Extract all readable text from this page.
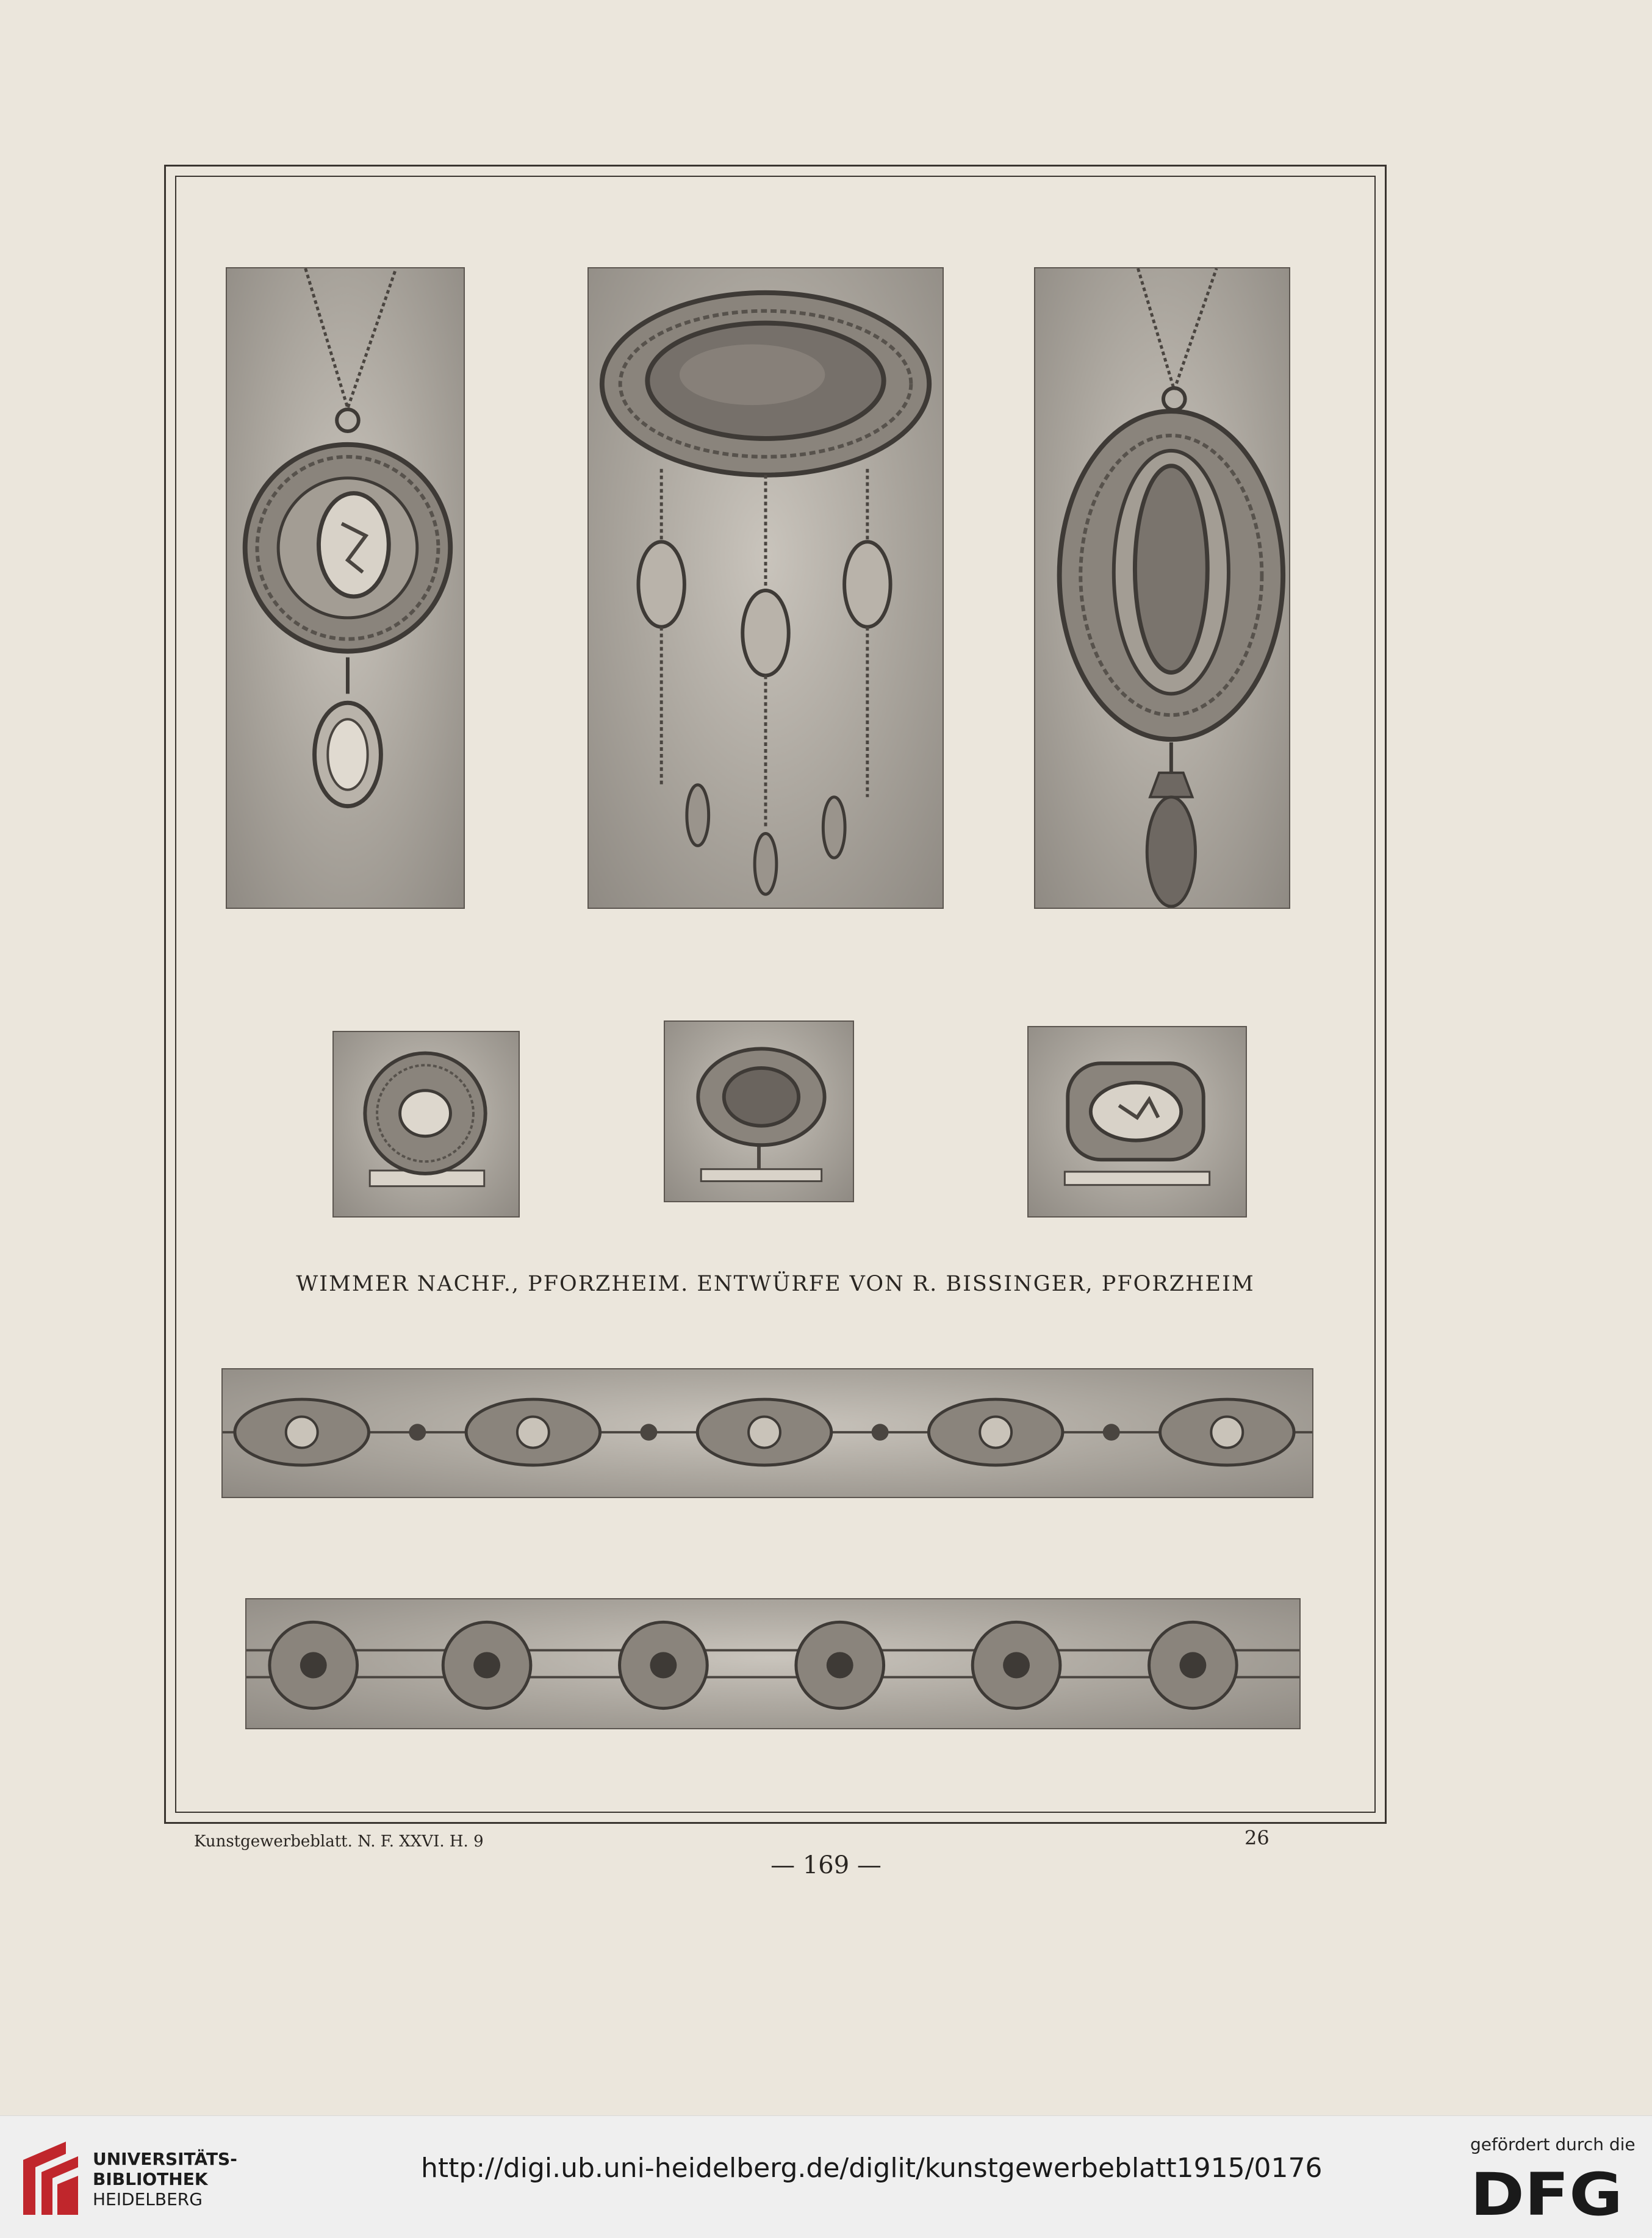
WIMMER NACHF., PFORZHEIM. ENTWÜRFE VON R. BISSINGER, PFORZHEIM
Kunstgewerbeblatt. N. F. XXVI. H. 9	26
— 169 —
UNIVERSITÄTS-
BIBLIOTHEK
HEIDELBERG
http://digi.ub.uni-heidelberg.de/diglit/kunstgewerbeblatt1915/0176
gefördert durch die
DFG
